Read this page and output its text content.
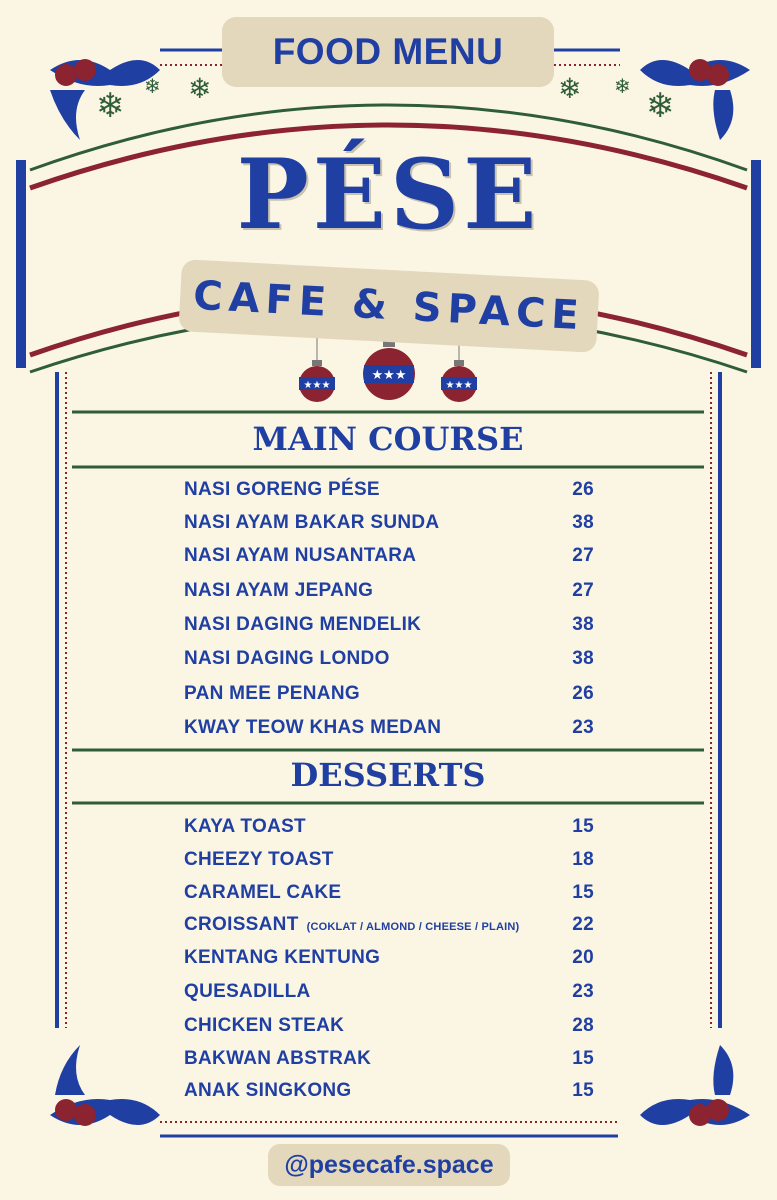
❄ ❄ ❄	❄ ❄ ❄
★★★
★★★
★★★
FOOD MENU
PÉSE
CAFE & SPACE
MAIN COURSE
NASI GORENG PÉSE	26
NASI AYAM BAKAR SUNDA	38
NASI AYAM NUSANTARA	27
NASI AYAM JEPANG	27
NASI DAGING MENDELIK	38
NASI DAGING LONDO	38
PAN MEE PENANG	26
KWAY TEOW KHAS MEDAN	23
DESSERTS
KAYA TOAST	15
CHEEZY TOAST	18
CARAMEL CAKE	15
CROISSANT (COKLAT / ALMOND / CHEESE / PLAIN)	22
KENTANG KENTUNG	20
QUESADILLA	23
CHICKEN STEAK	28
BAKWAN ABSTRAK	15
ANAK SINGKONG	15
@pesecafe.space
